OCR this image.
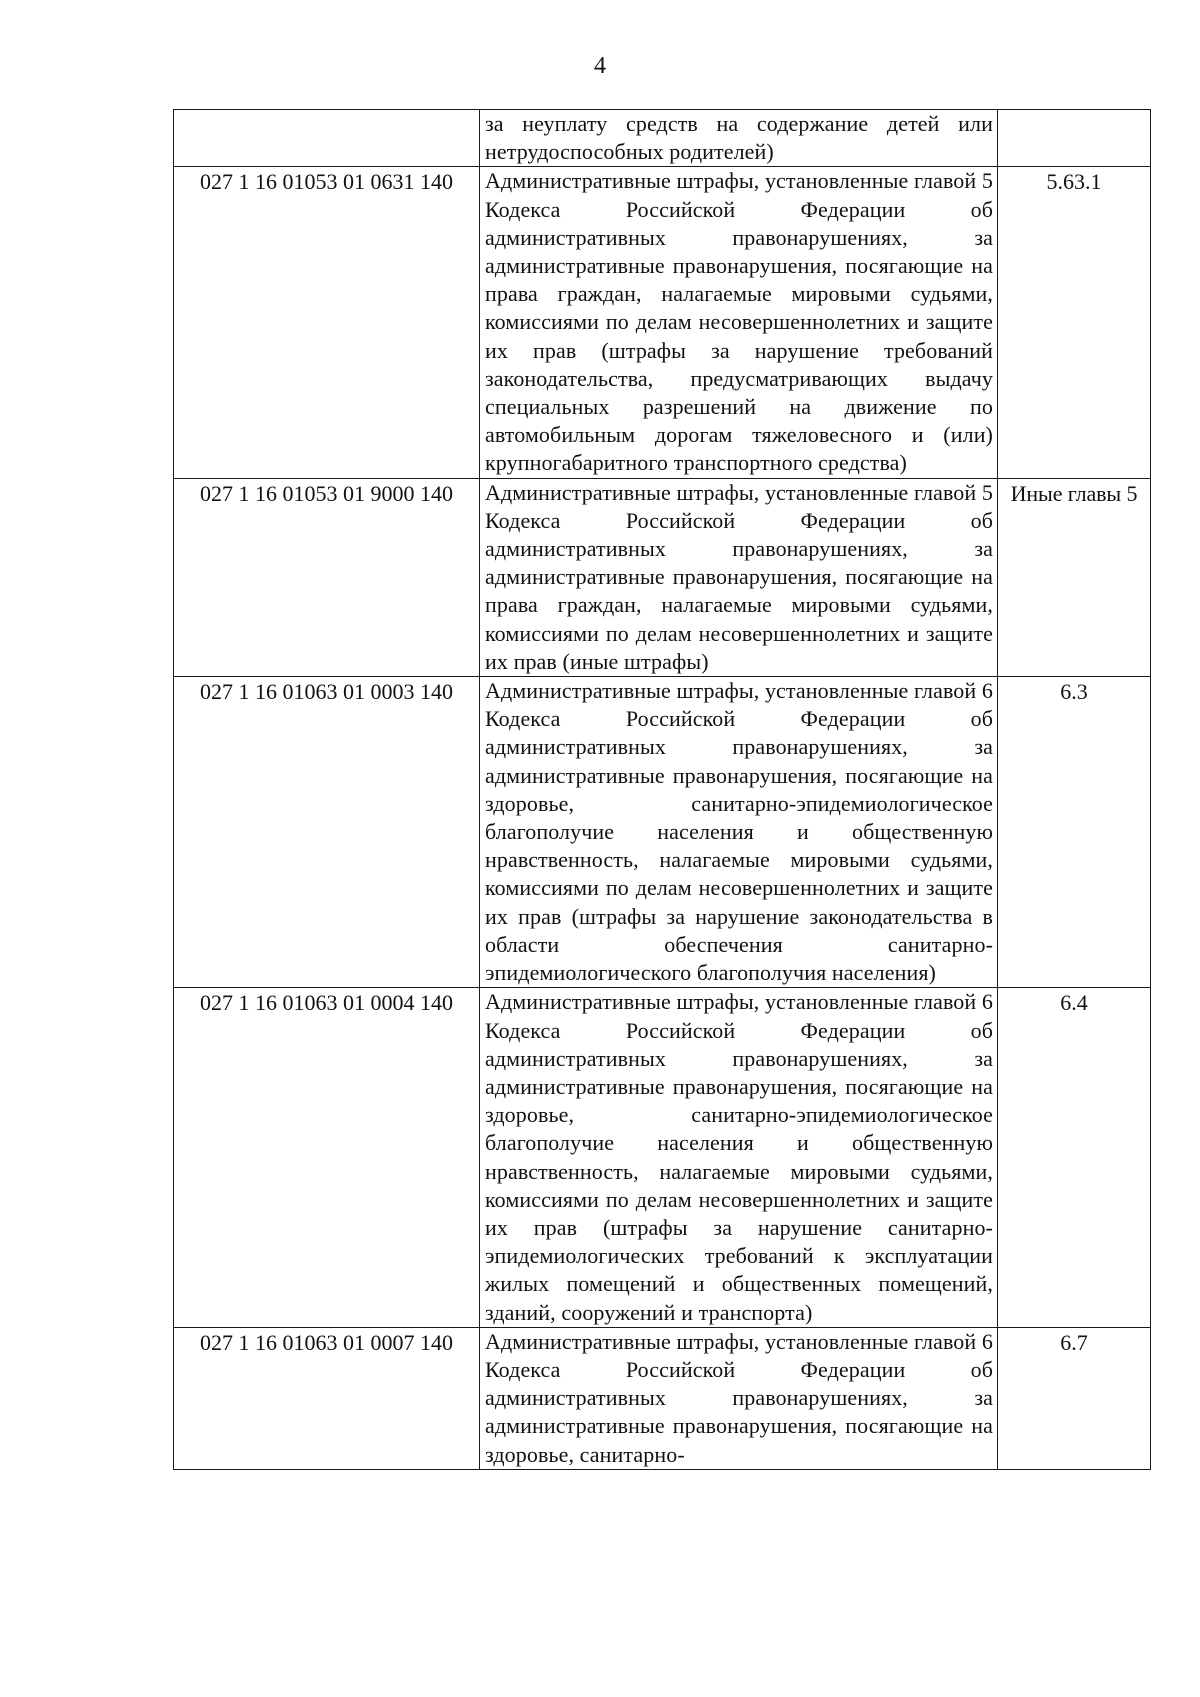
4
	за неуплату средств на содержание детей или нетрудоспособных родителей)	
027 1 16 01053 01 0631 140	Административные штрафы, установленные главой 5 Кодекса Российской Федерации об административных правонарушениях, за административные правонарушения, посягающие на права граждан, налагаемые мировыми судьями, комиссиями по делам несовершеннолетних и защите их прав (штрафы за нарушение требований законодательства, предусматривающих выдачу специальных разрешений на движение по автомобильным дорогам тяжеловесного и (или) крупногабаритного транспортного средства)	5.63.1
027 1 16 01053 01 9000 140	Административные штрафы, установленные главой 5 Кодекса Российской Федерации об административных правонарушениях, за административные правонарушения, посягающие на права граждан, налагаемые мировыми судьями, комиссиями по делам несовершеннолетних и защите их прав (иные штрафы)	Иные главы 5
027 1 16 01063 01 0003 140	Административные штрафы, установленные главой 6 Кодекса Российской Федерации об административных правонарушениях, за административные правонарушения, посягающие на здоровье, санитарно-эпидемиологическое благополучие населения и общественную нравственность, налагаемые мировыми судьями, комиссиями по делам несовершеннолетних и защите их прав (штрафы за нарушение законодательства в области обеспечения санитарно-эпидемиологического благополучия населения)	6.3
027 1 16 01063 01 0004 140	Административные штрафы, установленные главой 6 Кодекса Российской Федерации об административных правонарушениях, за административные правонарушения, посягающие на здоровье, санитарно-эпидемиологическое благополучие населения и общественную нравственность, налагаемые мировыми судьями, комиссиями по делам несовершеннолетних и защите их прав (штрафы за нарушение санитарно-эпидемиологических требований к эксплуатации жилых помещений и общественных помещений, зданий, сооружений и транспорта)	6.4
027 1 16 01063 01 0007 140	Административные штрафы, установленные главой 6 Кодекса Российской Федерации об административных правонарушениях, за административные правонарушения, посягающие на здоровье, санитарно-	6.7
